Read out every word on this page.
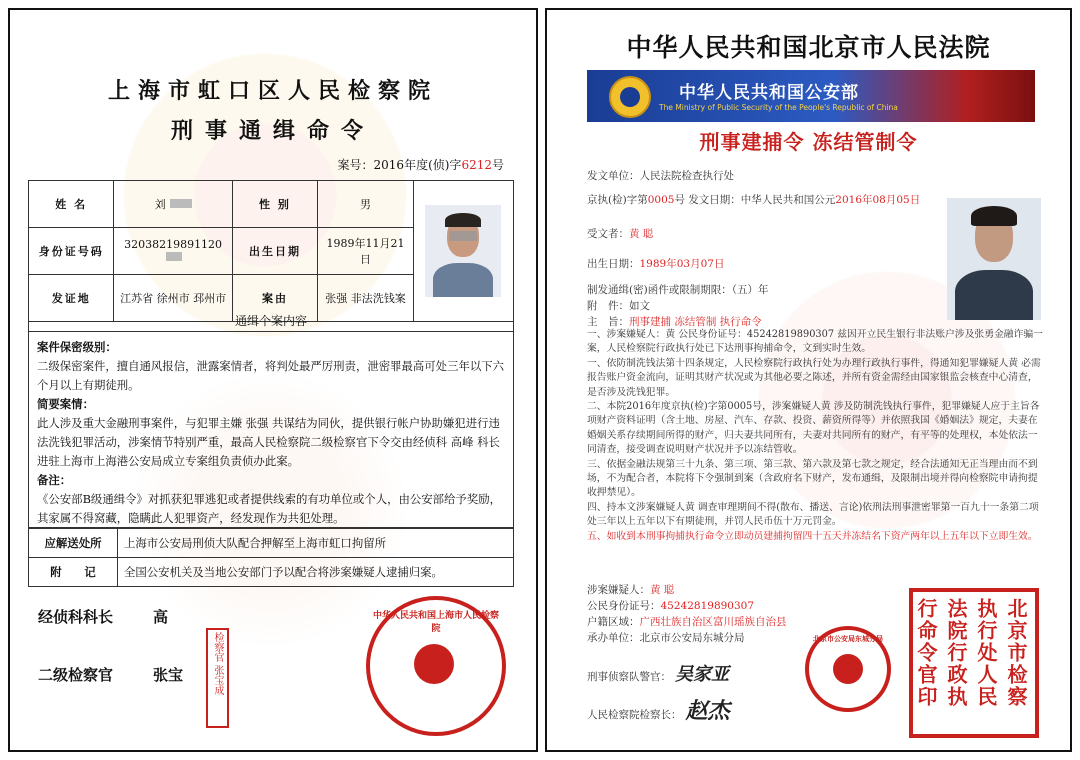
上海市虹口区人民检察院
刑事通缉命令
案号：2016年度(侦)字6212号
姓 名	刘	性 别	男	

身份证号码	32038219891120	出生日期	1989年11月21日	
发证地	江苏省 徐州市 邳州市	案由	张强 非法洗钱案	
通缉个案内容

案件保密级别：

二级保密案件，擅自通风报信，泄露案情者，将判处最严厉刑责，泄密罪最高可处三年以下六个月以上有期徒刑。

简要案情：

此人涉及重大金融刑事案件，与犯罪主嫌 张强 共谋结为同伙，提供银行帐户协助嫌犯进行违法洗钱犯罪活动，涉案情节特别严重，最高人民检察院二级检察官下令交由经侦科 高峰 科长进驻上海市上海港公安局成立专案组负责侦办此案。

备注：

《公安部B级通缉令》对抓获犯罪逃犯或者提供线索的有功单位或个人，由公安部给予奖励，其家属不得窝藏，隐瞒此人犯罪资产，经发现作为共犯处理。

应解送处所	上海市公安局刑侦大队配合押解至上海市虹口拘留所
附　　记	全国公安机关及当地公安部门予以配合将涉案嫌疑人逮捕归案。
经侦科科长	高
二级检察官	张宝	检察官 张宝成
中华人民共和国上海市人民检察院
中华人民共和国北京市人民法院
中华人民共和国公安部
The Ministry of Public Security of the People's Republic of China
刑事建捕令 冻结管制令
发文单位：人民法院检查执行处
京执(检)字第0005号 发文日期：中华人民共和国公元2016年08月05日
受文者：黄 聪
出生日期：1989年03月07日
制发通缉(密)函件或限制期限：（五）年
附　件：如文
主　旨：刑事建捕 冻结管制 执行命令

一、涉案嫌疑人：黄 公民身份证号：45242819890307 兹因开立民生银行非法账户涉及张勇金融诈骗一案，人民检察院行政执行处已下达刑事拘捕命令，文到实时生效。

一、依防制洗钱法第十四条规定，人民检察院行政执行处为办理行政执行事件，得通知犯罪嫌疑人黄 必需报告账户资金流向，证明其财产状况或为其他必要之陈述，并所有资金需经由国家银监会核查中心清查，是否涉及洗钱犯罪。

二、本院2016年度京执(检)字第0005号，涉案嫌疑人黄 涉及防制洗钱执行事件，犯罪嫌疑人应于主旨各项财产资料证明（含土地、房屋、汽车、存款、投资、薪资所得等）并依照我国《婚姻法》规定，夫妻在婚姻关系存续期间所得的财产，归夫妻共同所有，夫妻对共同所有的财产，有平等的处理权，本处依法一同清查，接受调查说明财产状况并予以冻结管收。

三、依据金融法规第三十九条、第三项、第三款、第六款及第七款之规定，经合法通知无正当理由而不到场，不为配合者，本院将下令强制到案（含政府名下财产，发布通缉，及限制出境并得向检察院申请拘提收押禁见）。

四、持本文涉案嫌疑人黄 调查审理期间不得(散布、播送、言论)依刑法刑事泄密罪第一百九十一条第二项处三年以上五年以下有期徒刑，并罚人民币伍十万元罚金。

五、如收到本刑事拘捕执行命令立即动员建捕拘留四十五天并冻结名下资产两年以上五年以下立即生效。

涉案嫌疑人：黄 聪
公民身份证号：45242819890307
户籍区域：广西壮族自治区富川瑶族自治县
承办单位：北京市公安局东城分局
刑事侦察队警官： 吴家亚
人民检察院检察长： 赵杰
北京市公安局东城分局	北京市检察
执行处人民
法院行政执
行命令官印
